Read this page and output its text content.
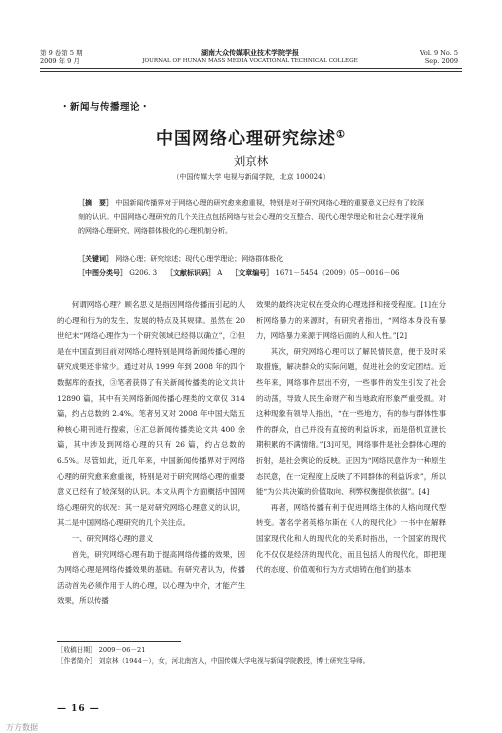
第 9 卷第 5 期
2009 年 9 月
湖南大众传媒职业技术学院学报
JOURNAL OF HUNAN MASS MEDIA VOCATIONAL TECHNICAL COLLEGE
Vol. 9 No. 5
Sep. 2009
・新闻与传播理论・
中国网络心理研究综述①
刘京林
（中国传媒大学 电视与新闻学院，北京 100024）
［摘　要］ 中国新闻传播界对于网络心理的研究愈来愈重视，特别是对于研究网络心理的重要意义已经有了较深刻的认识。中国网络心理研究的几个关注点包括网络与社会心理的交互整合、现代心理学理论和社会心理学视角的网络心理研究、网络群体极化的心理机制分析。
［关键词］ 网络心理；研究综述；现代心理学理论；网络群体极化
［中图分类号］ G206. 3 ［文献标识码］ A ［文章编号］ 1671－5454（2009）05－0016－06

何谓网络心理？顾名思义是指因网络传播而引起的人的心理和行为的发生、发展的特点及其规律。虽然在 20 世纪末“网络心理作为一个研究领域已经得以确立”，②但是在中国直到目前对网络心理特别是网络新闻传播心理的研究成果还非常少。通过对从 1999 年到 2008 年的四个数据库的查找，③笔者获得了有关新闻传播类的论文共计 12890 篇，其中有关网络新闻传播心理类的文章仅 314 篇，约占总数的 2.4%。笔者另又对 2008 年中国大陆五种核心期刊进行搜索，④汇总新闻传播类论文共 400 余篇，其中涉及到网络心理的只有 26 篇，约占总数的6.5%。尽管如此，近几年来，中国新闻传播界对于网络心理的研究愈来愈重视，特别是对于研究网络心理的重要意义已经有了较深刻的认识。本文从两个方面概括中国网络心理研究的状况：其一是对研究网络心理意义的认识，其二是中国网络心理研究的几个关注点。

一、研究网络心理的意义

首先，研究网络心理有助于提高网络传播的效果，因为网络心理是网络传播效果的基础。有研究者认为，传播活动首先必须作用于人的心理，以心理为中介，才能产生效果，所以传播

效果的最终决定权在受众的心理选择和接受程度。[1]在分析网络暴力的来源时，有研究者指出，“网络本身没有暴力，网络暴力来源于网络后面的人和人性。”[2]

其次，研究网络心理可以了解民情民意，便于及时采取措施，解决群众的实际问题，促进社会的安定团结。近些年来，网络事件层出不穷，一些事件的发生引发了社会的动荡，导致人民生命财产和当地政府形象严重受损。对这种现象有领导人指出，“在一些地方，有的参与群体性事件的群众，自己并没有直接的利益诉求，而是借机宣泄长期积累的不满情绪。”[3]可见，网络事件是社会群体心理的折射，是社会舆论的反映。正因为“网络民意作为一种原生态民意，在一定程度上反映了不同群体的利益诉求”，所以能“为公共决策的价值取向、利弊权衡提供依据”。[4]

再者，网络传播有利于促进网络主体的人格向现代型转变。著名学者英格尔斯在《人的现代化》一书中在解释国家现代化和人的现代化的关系时指出，一个国家的现代化不仅仅是经济的现代化，而且包括人的现代化，即把现代的态度、价值观和行为方式熔铸在他们的基本

［收稿日期］ 2009－06－21
［作者简介］ 刘京林（1944－），女，河北南宫人，中国传媒大学电视与新闻学院教授，博士研究生导师。
— 16 —
万方数据
